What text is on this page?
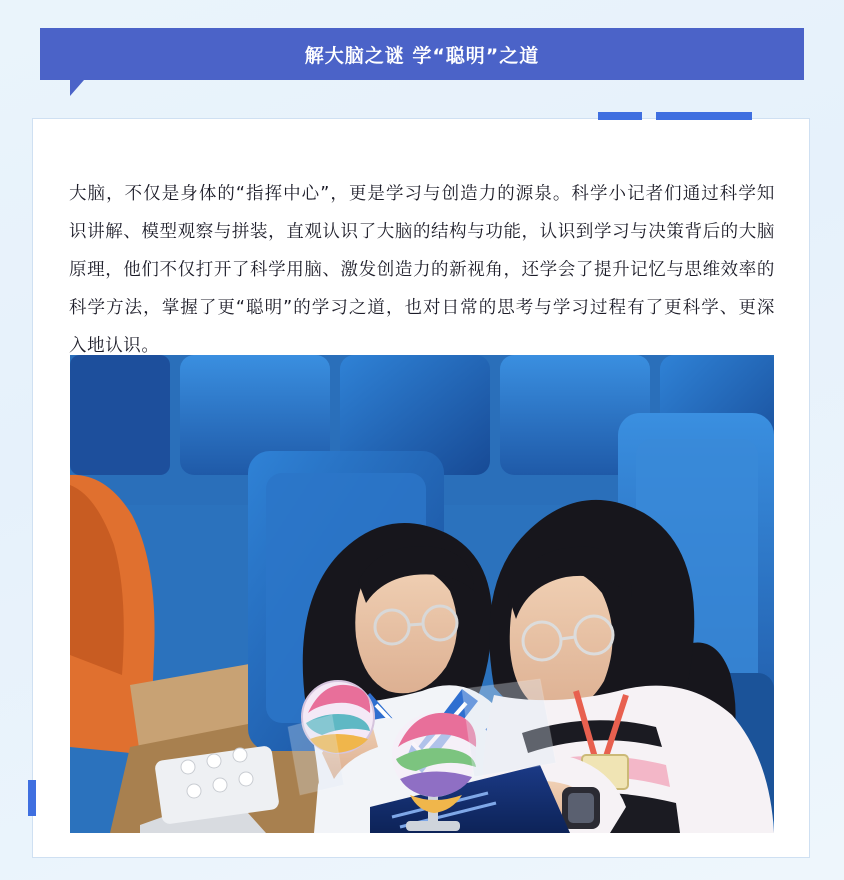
解大脑之谜 学“聪明”之道

大脑，不仅是身体的“指挥中心”，更是学习与创造力的源泉。科学小记者们通过科学知识讲解、模型观察与拼装，直观认识了大脑的结构与功能，认识到学习与决策背后的大脑原理，他们不仅打开了科学用脑、激发创造力的新视角，还学会了提升记忆与思维效率的科学方法，掌握了更“聪明”的学习之道，也对日常的思考与学习过程有了更科学、更深入地认识。
